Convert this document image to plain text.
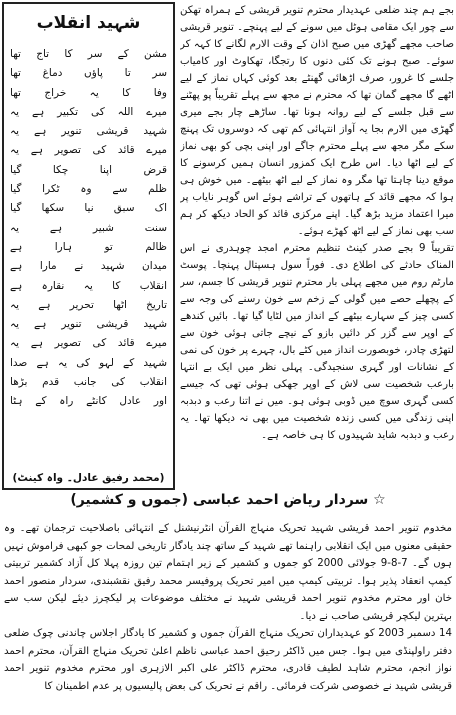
بجے ہم چند ضلعی عہدیدار محترم تنویر قریشی کے ہمراہ تھکن سے چور ایک مقامی ہوٹل میں سونے کے لیے پہنچے۔ تنویر قریشی صاحب مجھے گھڑی میں صبح اذان کے وقت الارم لگانے کا کہہ کر سوئے۔ صبح ہونے تک کئی دنوں کا رتجگا، تھکاوٹ اور کامیاب جلسے کا غرور، صرف اڑھائی گھنٹے بعد کوئی کہاں نماز کے لیے اٹھے گا مجھے گمان تھا کہ محترم نے مجھ سے پہلے تقریباً پو پھٹنے سے قبل جلسے کے لیے روانہ ہونا تھا۔ ساڑھے چار بجے میری گھڑی میں الارم بجا یہ آواز انتہائی کم تھی کہ دوسروں تک پہنچ سکے مگر مجھ سے پہلے محترم جاگے اور اپنی بچی کو بھی نماز کے لیے اٹھا دیا۔ اس طرح ایک کمزور انسان ہمیں کرسونے کا موقع دینا چاہتا تھا مگر وہ نماز کے لیے اٹھ بیٹھے۔ میں خوش ہی ہوا کہ مجھے قائد کے ہاتھوں کے تراشے ہوئے اس گوہر نایاب پر میرا اعتماد مزید بڑھ گیا۔ اپنے مرکزی قائد کو الحاد دیکھ کر ہم سب بھی نماز کے لیے اٹھ کھڑے ہوئے۔

تقریباً 9 بجے صدر کینٹ تنظیم محترم امجد چوہدری نے اس المناک حادثے کی اطلاع دی۔ فوراً سول ہسپتال پہنچا۔ پوسٹ مارٹم روم میں مجھے پہلی بار محترم تنویر قریشی کا جسم، سر کے پچھلے حصے میں گولی کے زخم سے خون رسنے کی وجہ سے کسی چیز کے سہارے بیٹھے کے انداز میں لٹایا گیا تھا۔ بائیں کندھے کے اوپر سے گزر کر دائیں بازو کے نیچے جاتی ہوئی خون سے لتھڑی چادر، خوبصورت انداز میں کٹے بال، چہرے پر خون کی نمی کے نشانات اور گہری سنجیدگی۔ پہلی نظر میں ایک بے انتہا بارعب شخصیت سی لاش کے اوپر جھکی ہوئی تھی کہ جیسے کسی گہری سوچ میں ڈوبی ہوئی ہو۔ میں نے اتنا رعب و دبدبہ اپنی زندگی میں کسی زندہ شخصیت میں بھی نہ دیکھا تھا۔ یہ رعب و دبدبہ شاید شہیدوں کا ہی خاصہ ہے۔

شہید انقلاب
مشن کے سر کا تاج تھا
سر تا پاؤں دماغ تھا
وفا کا یہ خراج تھا
میرے اللہ کی تکبیر ہے یہ
شہید قریشی تنویر ہے یہ
میرے قائد کی تصویر ہے یہ
قرض اپنا چکا گیا
ظلم سے وہ ٹکرا گیا
اک سبق نیا سکھا گیا
سنت شبیر ہے یہ
ظالم تو ہارا ہے
میدان شہید نے مارا ہے
انقلاب کا یہ نقارہ ہے
تاریخ اٹھا تحریر ہے یہ
شہید قریشی تنویر ہے یہ
میرے قائد کی تصویر ہے یہ
شہید کے لہو کی یہ ہے صدا
انقلاب کی جانب قدم بڑھا
اور عادل کانٹے راہ کے ہٹا
(محمد رفیق عادل۔ واہ کینٹ)
☆ سردار ریاض احمد عباسی (جموں و کشمیر)

مخدوم تنویر احمد قریشی شہید تحریک منہاج القرآن انٹرنیشنل کے انتہائی باصلاحیت ترجمان تھے۔ وہ حقیقی معنوں میں ایک انقلابی راہنما تھے شہید کے ساتھ چند یادگار تاریخی لمحات جو کبھی فراموش نہیں ہوں گے۔ 7-8-9 جولائی 2000 کو جموں و کشمیر کے زیر اہتمام تین روزہ پہلا کل آزاد کشمیر تربیتی کیمپ انعقاد پذیر ہوا۔ تربیتی کیمپ میں امیر تحریک پروفیسر محمد رفیق نقشبندی، سردار منصور احمد خان اور محترم مخدوم تنویر احمد قریشی شہید نے مختلف موضوعات پر لیکچرز دیئے لیکن سب سے بہترین لیکچر قریشی صاحب نے دیا۔

14 دسمبر 2003 کو عہدیداران تحریک منہاج القرآن جموں و کشمیر کا یادگار اجلاس چاندنی چوک ضلعی دفتر راولپنڈی میں ہوا۔ جس میں ڈاکٹر رحیق احمد عباسی ناظم اعلیٰ تحریک منہاج القرآن، محترم احمد نواز انجم، محترم شاہد لطیف قادری، محترم ڈاکٹر علی اکبر الازہری اور محترم مخدوم تنویر احمد قریشی شہید نے خصوصی شرکت فرمائی۔ راقم نے تحریک کی بعض پالیسیوں پر عدم اطمینان کا
